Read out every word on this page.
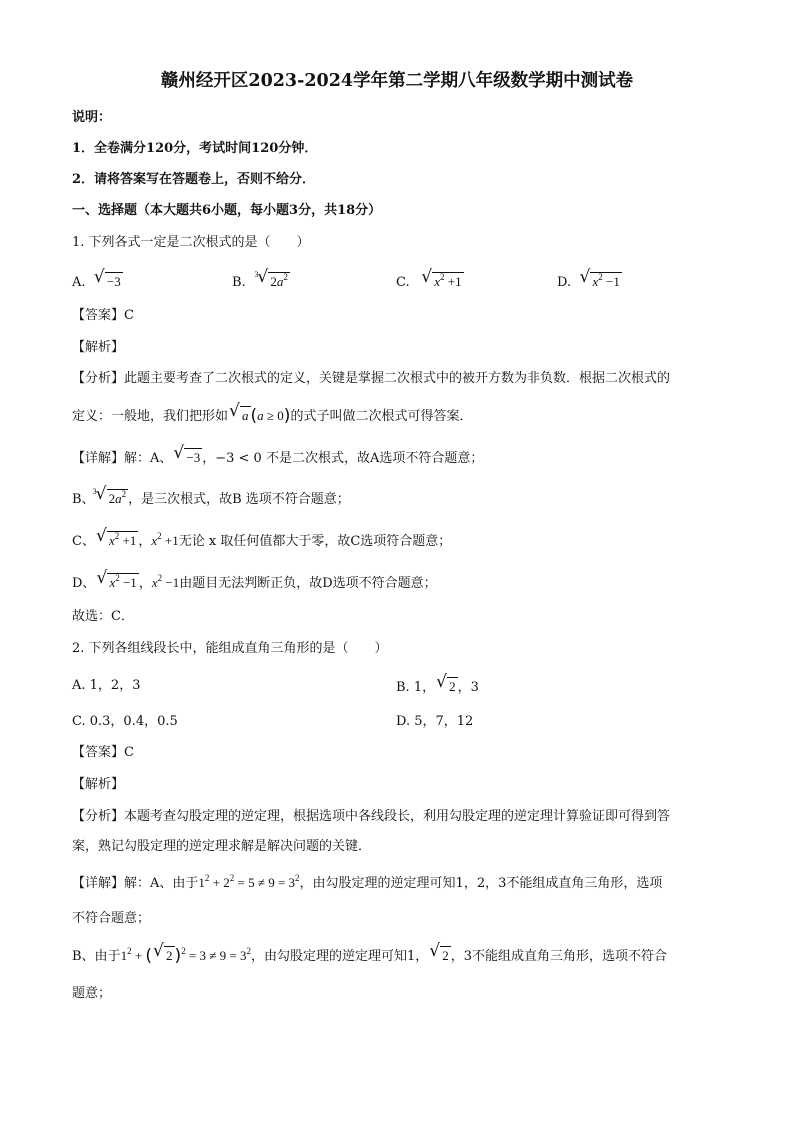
赣州经开区2023-2024学年第二学期八年级数学期中测试卷
说明：
1．全卷满分120分，考试时间120分钟．
2．请将答案写在答题卷上，否则不给分．
一、选择题（本大题共6小题，每小题3分，共18分）
1. 下列各式一定是二次根式的是（　　）
A. √ −3	B.
√ 3 $2a^2$	C. √ $x^2 +1$	D. √ $x^2 -1$
【答案】C
【解析】
【分析】此题主要考查了二次根式的定义，关键是掌握二次根式中的被开方数为非负数．根据二次根式的
定义：一般地，我们把形如 √ a (a ≥ 0)的式子叫做二次根式可得答案．
【详解】解：A、 √ −3 ，−3 < 0 不是二次根式，故A选项不符合题意；
B、
√ 3 $2a^2$ ，是三次根式，故B 选项不符合题意；
C、 √ $x^2 +1$ ，$x^2 +1$无论 x 取任何值都大于零，故C选项符合题意；
D、 √ $x^2 -1$ ，$x^2 -1$由题目无法判断正负，故D选项不符合题意；
故选：C．
2. 下列各组线段长中，能组成直角三角形的是（　　）
A. 1，2，3	B. 1， √ 2 ，3
C. 0.3，0.4，0.5	D. 5，7，12
【答案】C
【解析】
【分析】本题考查勾股定理的逆定理，根据选项中各线段长，利用勾股定理的逆定理计算验证即可得到答
案，熟记勾股定理的逆定理求解是解决问题的关键．
【详解】解：A、由于$1^2 + 2^2 = 5 \ne 9 = 3^2$，由勾股定理的逆定理可知1，2，3不能组成直角三角形，选项
不符合题意；
B、由于$1^2$ + ( √ 2 )$^2 = 3 \ne 9 = 3^2$，由勾股定理的逆定理可知1， √ 2 ，3不能组成直角三角形，选项不符合
题意；
